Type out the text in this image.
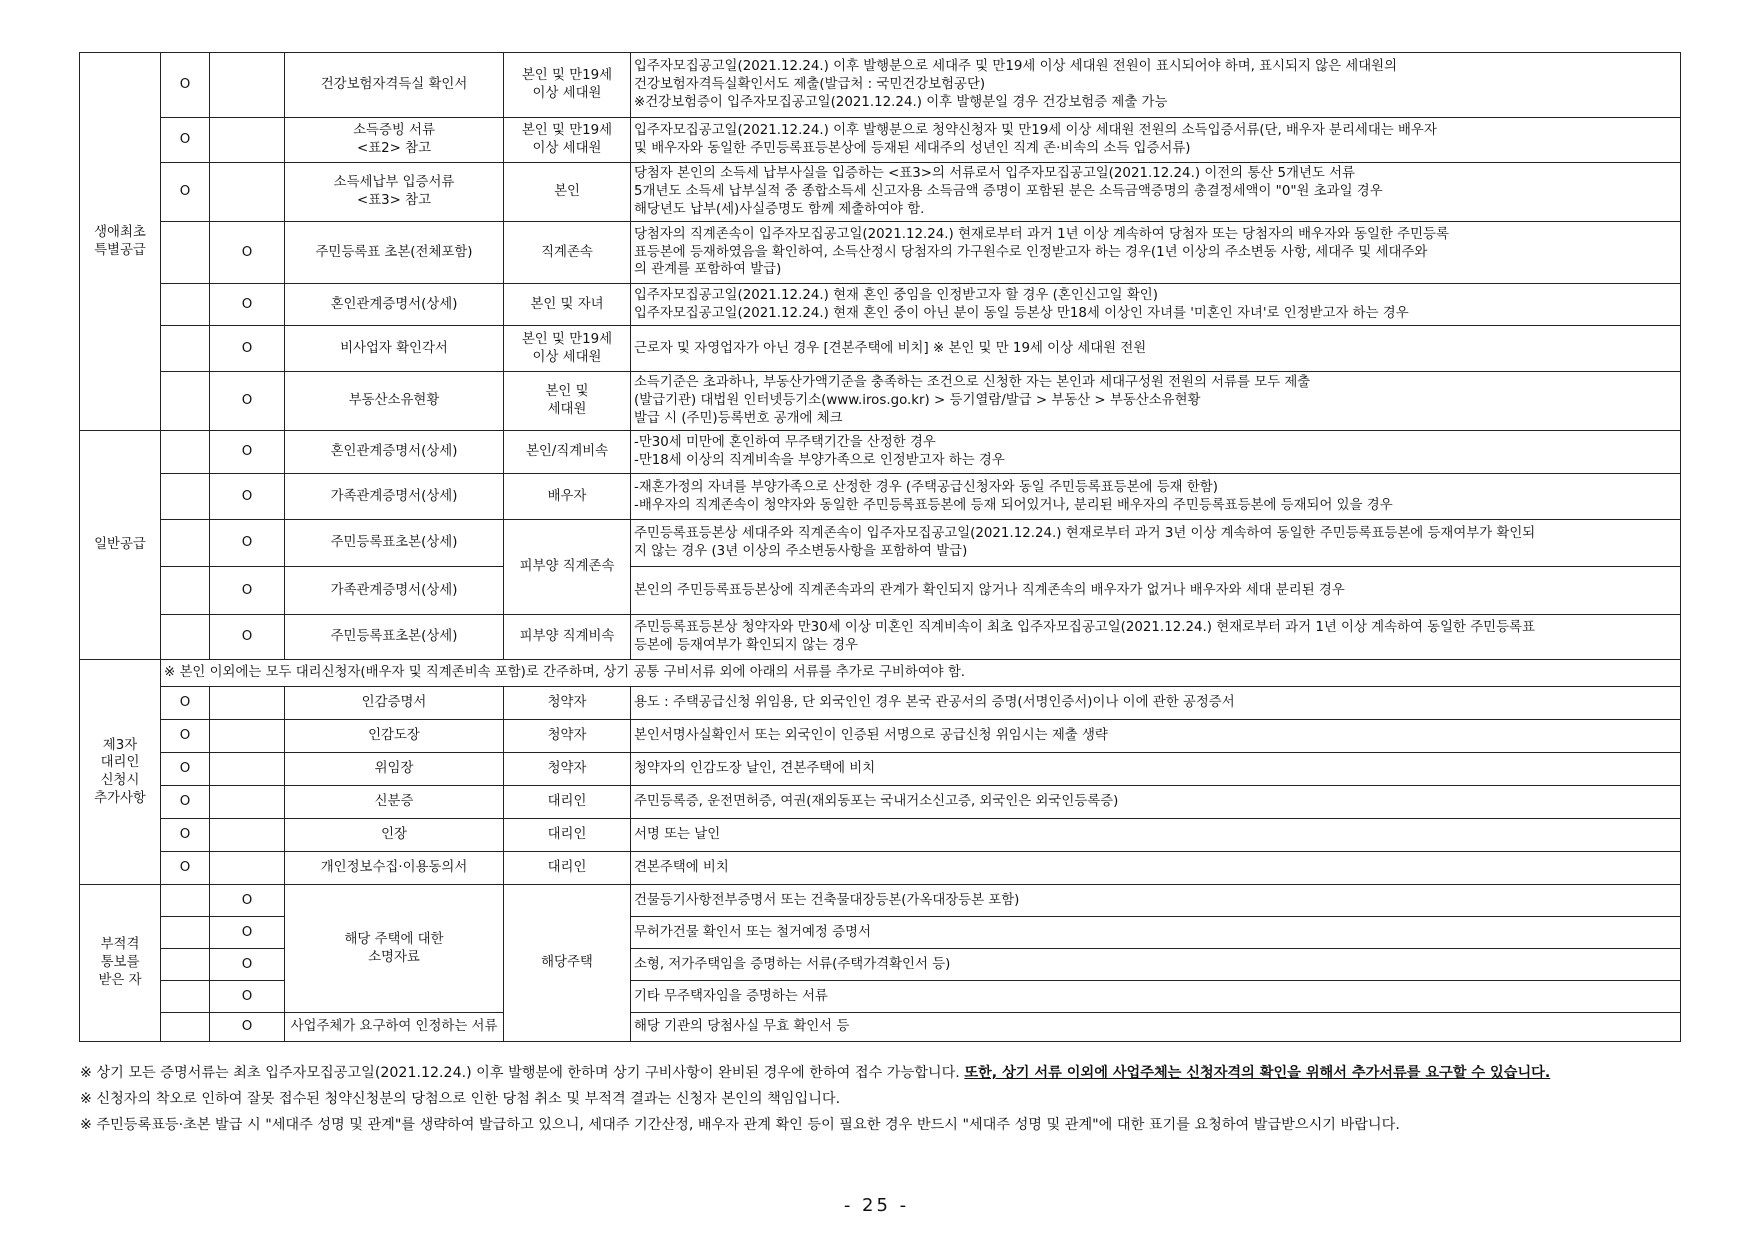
생애최초
특별공급	O		건강보험자격득실 확인서	본인 및 만19세
이상 세대원	입주자모집공고일(2021.12.24.) 이후 발행분으로 세대주 및 만19세 이상 세대원 전원이 표시되어야 하며, 표시되지 않은 세대원의
건강보험자격득실확인서도 제출(발급처 : 국민건강보험공단)
※건강보험증이 입주자모집공고일(2021.12.24.) 이후 발행분일 경우 건강보험증 제출 가능
	O		소득증빙 서류
<표2> 참고	본인 및 만19세
이상 세대원	입주자모집공고일(2021.12.24.) 이후 발행분으로 청약신청자 및 만19세 이상 세대원 전원의 소득입증서류(단, 배우자 분리세대는 배우자
및 배우자와 동일한 주민등록표등본상에 등재된 세대주의 성년인 직계 존·비속의 소득 입증서류)
	O		소득세납부 입증서류
<표3> 참고	본인	당첨자 본인의 소득세 납부사실을 입증하는 <표3>의 서류로서 입주자모집공고일(2021.12.24.) 이전의 통산 5개년도 서류
5개년도 소득세 납부실적 중 종합소득세 신고자용 소득금액 증명이 포함된 분은 소득금액증명의 총결정세액이 "0"원 초과일 경우
해당년도 납부(세)사실증명도 함께 제출하여야 함.
		O	주민등록표 초본(전체포함)	직계존속	당첨자의 직계존속이 입주자모집공고일(2021.12.24.) 현재로부터 과거 1년 이상 계속하여 당첨자 또는 당첨자의 배우자와 동일한 주민등록
표등본에 등재하였음을 확인하여, 소득산정시 당첨자의 가구원수로 인정받고자 하는 경우(1년 이상의 주소변동 사항, 세대주 및 세대주와
의 관계를 포함하여 발급)
		O	혼인관계증명서(상세)	본인 및 자녀	입주자모집공고일(2021.12.24.) 현재 혼인 중임을 인정받고자 할 경우 (혼인신고일 확인)
입주자모집공고일(2021.12.24.) 현재 혼인 중이 아닌 분이 동일 등본상 만18세 이상인 자녀를 '미혼인 자녀'로 인정받고자 하는 경우
		O	비사업자 확인각서	본인 및 만19세
이상 세대원	근로자 및 자영업자가 아닌 경우 [견본주택에 비치] ※ 본인 및 만 19세 이상 세대원 전원
		O	부동산소유현황	본인 및
세대원	소득기준은 초과하나, 부동산가액기준을 충족하는 조건으로 신청한 자는 본인과 세대구성원 전원의 서류를 모두 제출
(발급기관) 대법원 인터넷등기소(www.iros.go.kr) > 등기열람/발급 > 부동산 > 부동산소유현황
발급 시 (주민)등록번호 공개에 체크
일반공급		O	혼인관계증명서(상세)	본인/직계비속	-만30세 미만에 혼인하여 무주택기간을 산정한 경우
-만18세 이상의 직계비속을 부양가족으로 인정받고자 하는 경우
		O	가족관계증명서(상세)	배우자	-재혼가정의 자녀를 부양가족으로 산정한 경우 (주택공급신청자와 동일 주민등록표등본에 등재 한함)
-배우자의 직계존속이 청약자와 동일한 주민등록표등본에 등재 되어있거나, 분리된 배우자의 주민등록표등본에 등재되어 있을 경우
		O	주민등록표초본(상세)	피부양 직계존속	주민등록표등본상 세대주와 직계존속이 입주자모집공고일(2021.12.24.) 현재로부터 과거 3년 이상 계속하여 동일한 주민등록표등본에 등재여부가 확인되
지 않는 경우 (3년 이상의 주소변동사항을 포함하여 발급)
		O	가족관계증명서(상세)		본인의 주민등록표등본상에 직계존속과의 관계가 확인되지 않거나 직계존속의 배우자가 없거나 배우자와 세대 분리된 경우
		O	주민등록표초본(상세)	피부양 직계비속	주민등록표등본상 청약자와 만30세 이상 미혼인 직계비속이 최초 입주자모집공고일(2021.12.24.) 현재로부터 과거 1년 이상 계속하여 동일한 주민등록표
등본에 등재여부가 확인되지 않는 경우
제3자
대리인
신청시
추가사항	※ 본인 이외에는 모두 대리신청자(배우자 및 직계존비속 포함)로 간주하며, 상기 공통 구비서류 외에 아래의 서류를 추가로 구비하여야 함.				
	O		인감증명서	청약자	용도 : 주택공급신청 위임용, 단 외국인인 경우 본국 관공서의 증명(서명인증서)이나 이에 관한 공정증서
	O		인감도장	청약자	본인서명사실확인서 또는 외국인이 인증된 서명으로 공급신청 위임시는 제출 생략
	O		위임장	청약자	청약자의 인감도장 날인, 견본주택에 비치
	O		신분증	대리인	주민등록증, 운전면허증, 여권(재외동포는 국내거소신고증, 외국인은 외국인등록증)
	O		인장	대리인	서명 또는 날인
	O		개인정보수집·이용동의서	대리인	견본주택에 비치
부적격
통보를
받은 자		O	해당 주택에 대한
소명자료	해당주택	건물등기사항전부증명서 또는 건축물대장등본(가옥대장등본 포함)
		O			무허가건물 확인서 또는 철거예정 증명서
		O			소형, 저가주택임을 증명하는 서류(주택가격확인서 등)
		O			기타 무주택자임을 증명하는 서류
		O	사업주체가 요구하여 인정하는 서류		해당 기관의 당첨사실 무효 확인서 등

※ 상기 모든 증명서류는 최초 입주자모집공고일(2021.12.24.) 이후 발행분에 한하며 상기 구비사항이 완비된 경우에 한하여 접수 가능합니다. 또한, 상기 서류 이외에 사업주체는 신청자격의 확인을 위해서 추가서류를 요구할 수 있습니다.

※ 신청자의 착오로 인하여 잘못 접수된 청약신청분의 당첨으로 인한 당첨 취소 및 부적격 결과는 신청자 본인의 책임입니다.

※ 주민등록표등·초본 발급 시 "세대주 성명 및 관계"를 생략하여 발급하고 있으니, 세대주 기간산정, 배우자 관계 확인 등이 필요한 경우 반드시 "세대주 성명 및 관계"에 대한 표기를 요청하여 발급받으시기 바랍니다.

- 25 -
